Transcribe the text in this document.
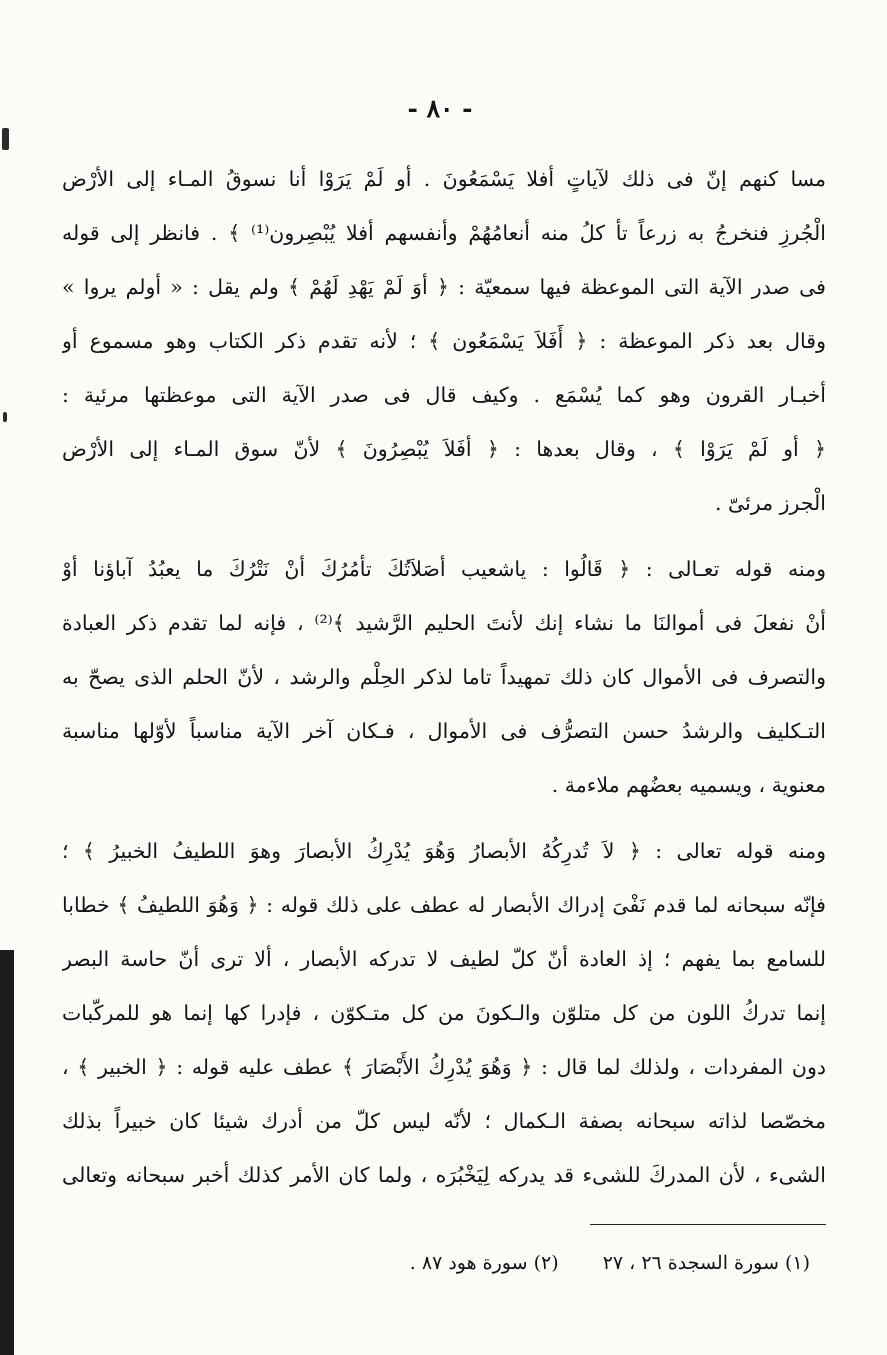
- ٨٠ -
مسا كنهم إنّ فى ذلك لآياتٍ أفلا يَسْمَعُونَ . أو لَمْ يَرَوْا أنا نسوقُ المـاء إلى الأرْض
الْجُرزِ فنخرجُ به زرعاً تأ كلُ منه أنعامُهُمْ وأنفسهم أفلا يُبْصِرون⁽¹⁾ ﴾ . فانظر إلى قوله
فى صدر الآية التى الموعظة فيها سمعيّة : ﴿ أوَ لَمْ يَهْدِ لَهُمْ ﴾ ولم يقل : « أولم يروا »
وقال بعد ذكر الموعظة : ﴿ أَفَلاَ يَسْمَعُون ﴾ ؛ لأنه تقدم ذكر الكتاب وهو مسموع أو
أخبـار القرون وهو كما يُسْمَع . وكيف قال فى صدر الآية التى موعظتها مرئية :
﴿ أو لَمْ يَرَوْا ﴾ ، وقال بعدها : ﴿ أفَلاَ يُبْصِرُونَ ﴾ لأنّ سوق المـاء إلى الأرْض
الْجرز مرئىّ .
ومنه قوله تعـالى : ﴿ قَالُوا : ياشعيب أصَلاَتُكَ تأمُرُكَ أنْ نَتْرُكَ ما يعبُدُ آباؤنا أوْ
أنْ نفعلَ فى أموالنَا ما نشاء إنك لأنتَ الحليم الرَّشيد ﴾⁽²⁾ ، فإنه لما تقدم ذكر العبادة
والتصرف فى الأموال كان ذلك تمهيداً تاما لذكر الحِلْم والرشد ، لأنّ الحلم الذى يصحّ به
التـكليف والرشدُ حسن التصرُّف فى الأموال ، فـكان آخر الآية مناسباً لأوّلها مناسبة
معنوية ، ويسميه بعضُهم ملاءمة .
ومنه قوله تعالى : ﴿ لاَ تُدرِكُهُ الأبصارُ وَهُوَ يُدْرِكُ الأبصارَ وهوَ اللطيفُ الخبيرُ ﴾ ؛
فإنّه سبحانه لما قدم نَفْىَ إدراك الأبصار له عطف على ذلك قوله : ﴿ وَهُوَ اللطيفُ ﴾ خطابا
للسامع بما يفهم ؛ إذ العادة أنّ كلّ لطيف لا تدركه الأبصار ، ألا ترى أنّ حاسة البصر
إنما تدركُ اللون من كل متلوّن والـكونَ من كل متـكوّن ، فإدرا كها إنما هو للمركّبات
دون المفردات ، ولذلك لما قال : ﴿ وَهُوَ يُدْرِكُ الأَبْصَارَ ﴾ عطف عليه قوله : ﴿ الخبير ﴾ ،
مخصّصا لذاته سبحانه بصفة الـكمال ؛ لأنّه ليس كلّ من أدرك شيئا كان خبيراً بذلك
الشىء ، لأن المدركَ للشىء قد يدركه لِيَخْبُرَه ، ولما كان الأمر كذلك أخبر سبحانه وتعالى
(١) سورة السجدة ٢٦ ، ٢٧ (٢) سورة هود ٨٧ .
